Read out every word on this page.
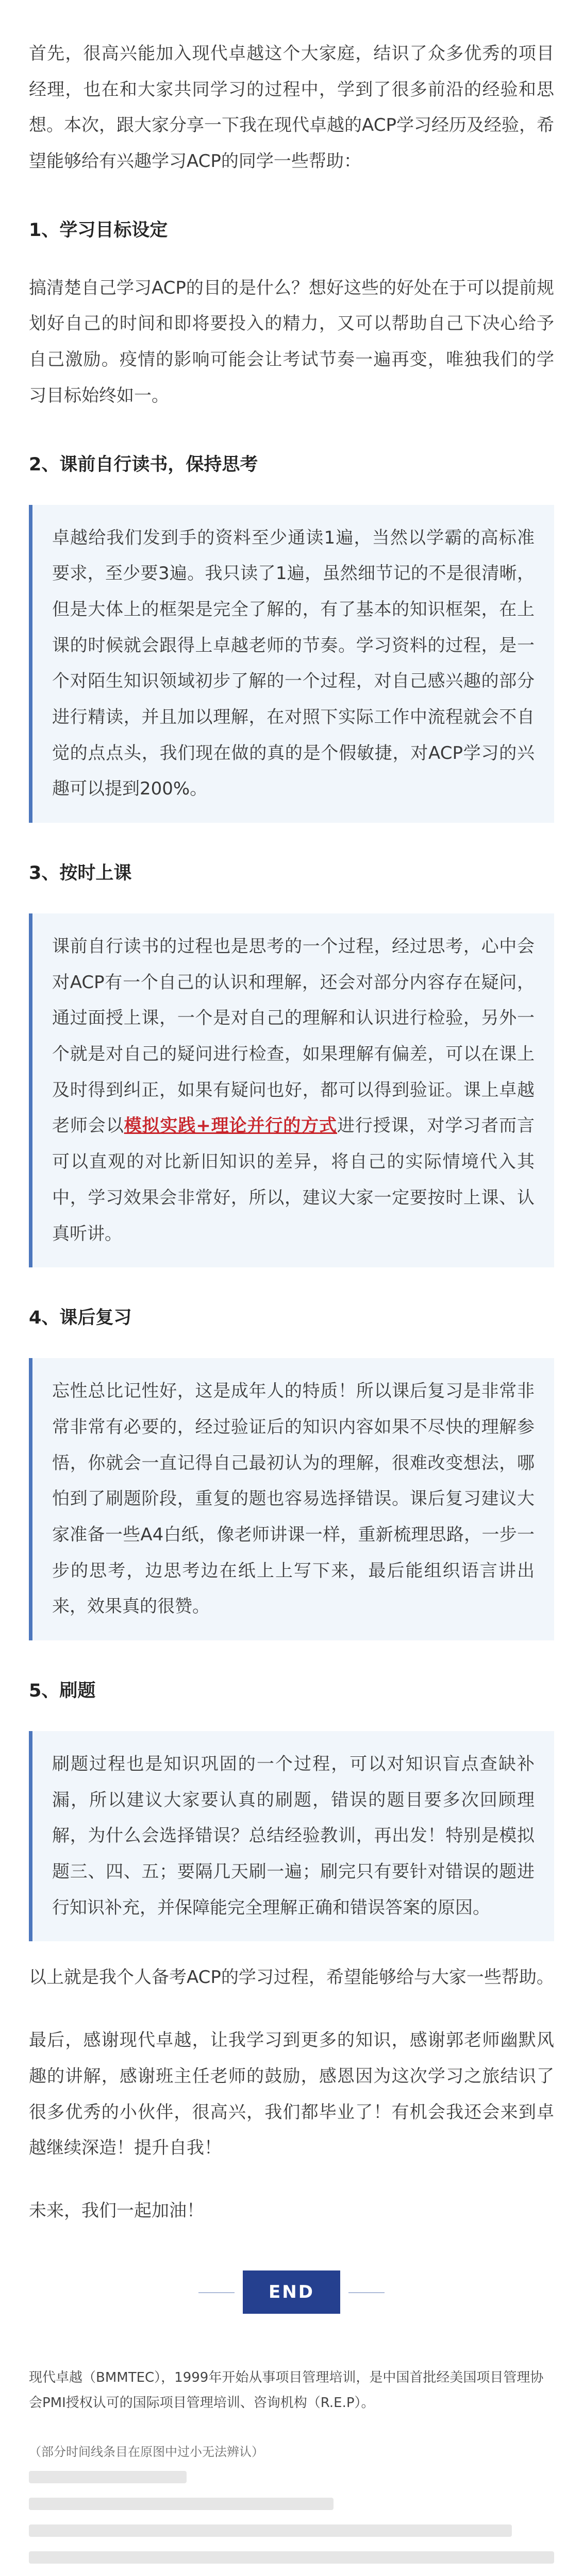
首先，很高兴能加入现代卓越这个大家庭，结识了众多优秀的项目经理，也在和大家共同学习的过程中，学到了很多前沿的经验和思想。本次，跟大家分享一下我在现代卓越的ACP学习经历及经验，希望能够给有兴趣学习ACP的同学一些帮助：

1、学习目标设定

搞清楚自己学习ACP的目的是什么？想好这些的好处在于可以提前规划好自己的时间和即将要投入的精力，又可以帮助自己下决心给予自己激励。疫情的影响可能会让考试节奏一遍再变，唯独我们的学习目标始终如一。

2、课前自行读书，保持思考

卓越给我们发到手的资料至少通读1遍，当然以学霸的高标准要求，至少要3遍。我只读了1遍，虽然细节记的不是很清晰，但是大体上的框架是完全了解的，有了基本的知识框架，在上课的时候就会跟得上卓越老师的节奏。学习资料的过程，是一个对陌生知识领域初步了解的一个过程，对自己感兴趣的部分进行精读，并且加以理解，在对照下实际工作中流程就会不自觉的点点头，我们现在做的真的是个假敏捷，对ACP学习的兴趣可以提到200%。

3、按时上课

课前自行读书的过程也是思考的一个过程，经过思考，心中会对ACP有一个自己的认识和理解，还会对部分内容存在疑问，通过面授上课，一个是对自己的理解和认识进行检验，另外一个就是对自己的疑问进行检查，如果理解有偏差，可以在课上及时得到纠正，如果有疑问也好，都可以得到验证。课上卓越老师会以模拟实践+理论并行的方式进行授课，对学习者而言可以直观的对比新旧知识的差异，将自己的实际情境代入其中，学习效果会非常好，所以，建议大家一定要按时上课、认真听讲。

4、课后复习

忘性总比记性好，这是成年人的特质！所以课后复习是非常非常非常有必要的，经过验证后的知识内容如果不尽快的理解参悟，你就会一直记得自己最初认为的理解，很难改变想法，哪怕到了刷题阶段，重复的题也容易选择错误。课后复习建议大家准备一些A4白纸，像老师讲课一样，重新梳理思路，一步一步的思考，边思考边在纸上上写下来，最后能组织语言讲出来，效果真的很赞。

5、刷题

刷题过程也是知识巩固的一个过程，可以对知识盲点查缺补漏，所以建议大家要认真的刷题，错误的题目要多次回顾理解，为什么会选择错误？总结经验教训，再出发！特别是模拟题三、四、五；要隔几天刷一遍；刷完只有要针对错误的题进行知识补充，并保障能完全理解正确和错误答案的原因。

以上就是我个人备考ACP的学习过程，希望能够给与大家一些帮助。

最后，感谢现代卓越，让我学习到更多的知识，感谢郭老师幽默风趣的讲解，感谢班主任老师的鼓励，感恩因为这次学习之旅结识了很多优秀的小伙伴，很高兴，我们都毕业了！有机会我还会来到卓越继续深造！提升自我！

未来，我们一起加油！

END

现代卓越（BMMTEC），1999年开始从事项目管理培训，是中国首批经美国项目管理协会PMI授权认可的国际项目管理培训、咨询机构（R.E.P）。

（部分时间线条目在原图中过小无法辨认）
